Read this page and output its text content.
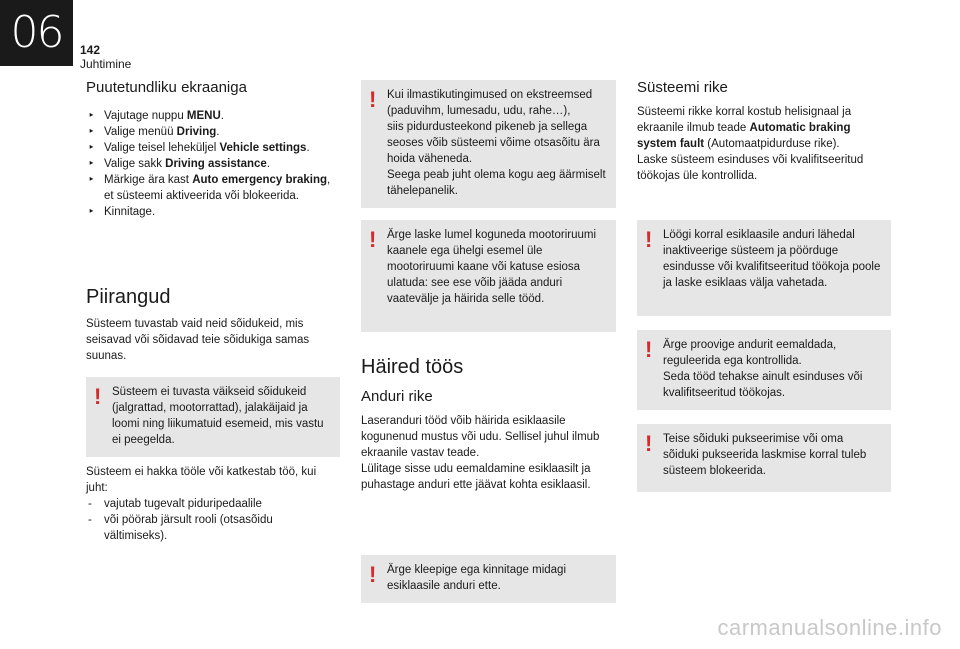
06	142
Juhtimine
Puutetundliku ekraaniga
‣ Vajutage nuppu MENU.
‣ Valige menüü Driving.
‣ Valige teisel leheküljel Vehicle settings.
‣ Valige sakk Driving assistance.
‣ Märkige ära kast Auto emergency braking, et süsteemi aktiveerida või blokeerida.
‣ Kinnitage.
Piirangud

Süsteem tuvastab vaid neid sõidukeid, mis seisavad või sõidavad teie sõidukiga samas suunas.

! Süsteem ei tuvasta väikseid sõidukeid (jalgrattad, mootorrattad), jalakäijaid ja loomi ning liikumatuid esemeid, mis vastu ei peegelda.

Süsteem ei hakka tööle või katkestab töö, kui juht:

- vajutab tugevalt piduripedaalile
- või pöörab järsult rooli (otsasõidu vältimiseks).
! Kui ilmastikutingimused on ekstreemsed (paduvihm, lumesadu, udu, rahe…),

siis pidurdusteekond pikeneb ja sellega seoses võib süsteemi võime otsasõitu ära hoida väheneda.

Seega peab juht olema kogu aeg äärmiselt tähelepanelik.

! Ärge laske lumel koguneda mootoriruumi kaanele ega ühelgi esemel üle mootoriruumi kaane või katuse esiosa ulatuda: see ese võib jääda anduri vaatevälje ja häirida selle tööd.

Häired töös
Anduri rike

Laseranduri tööd võib häirida esiklaasile kogunenud mustus või udu. Sellisel juhul ilmub ekraanile vastav teade.

Lülitage sisse udu eemaldamine esiklaasilt ja puhastage anduri ette jäävat kohta esiklaasil.

! Ärge kleepige ega kinnitage midagi esiklaasile anduri ette.

Süsteemi rike

Süsteemi rikke korral kostub helisignaal ja ekraanile ilmub teade Automatic braking system fault (Automaatpidurduse rike).

Laske süsteem esinduses või kvalifitseeritud töökojas üle kontrollida.

! Löögi korral esiklaasile anduri lähedal inaktiveerige süsteem ja pöörduge esindusse või kvalifitseeritud töökoja poole ja laske esiklaas välja vahetada.

! Ärge proovige andurit eemaldada, reguleerida ega kontrollida.

Seda tööd tehakse ainult esinduses või kvalifitseeritud töökojas.

! Teise sõiduki pukseerimise või oma sõiduki pukseerida laskmise korral tuleb süsteem blokeerida.

carmanualsonline.info
